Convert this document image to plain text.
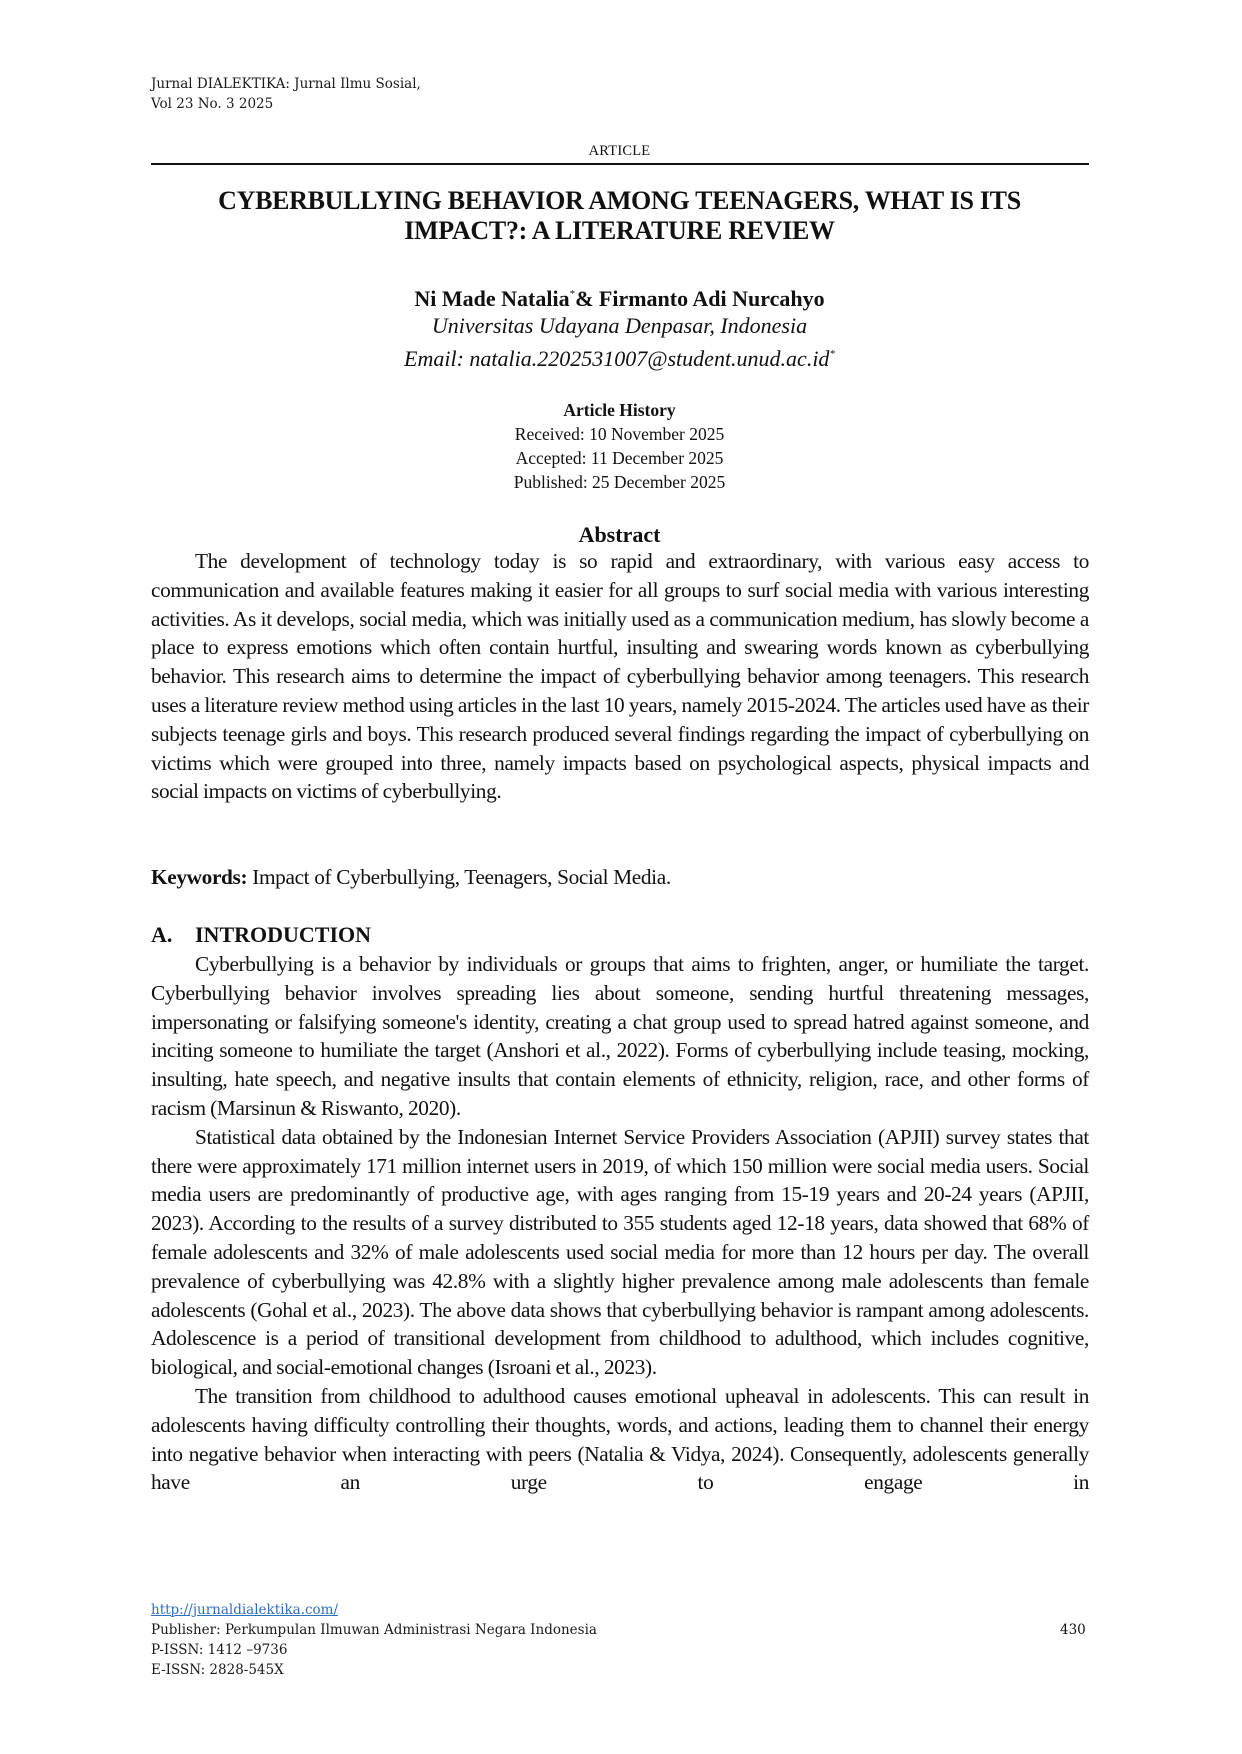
Jurnal DIALEKTIKA: Jurnal Ilmu Sosial,
Vol 23 No. 3 2025
ARTICLE
CYBERBULLYING BEHAVIOR AMONG TEENAGERS, WHAT IS ITS
IMPACT?: A LITERATURE REVIEW
Ni Made Natalia*& Firmanto Adi Nurcahyo
Universitas Udayana Denpasar, Indonesia
Email: natalia.2202531007@student.unud.ac.id*
Article History
Received: 10 November 2025
Accepted: 11 December 2025
Published: 25 December 2025
Abstract

The development of technology today is so rapid and extraordinary, with various easy access to communication and available features making it easier for all groups to surf social media with various interesting activities. As it develops, social media, which was initially used as a communication medium, has slowly become a place to express emotions which often contain hurtful, insulting and swearing words known as cyberbullying behavior. This research aims to determine the impact of cyberbullying behavior among teenagers. This research uses a literature review method using articles in the last 10 years, namely 2015-2024. The articles used have as their subjects teenage girls and boys. This research produced several findings regarding the impact of cyberbullying on victims which were grouped into three, namely impacts based on psychological aspects, physical impacts and social impacts on victims of cyberbullying.

Keywords: Impact of Cyberbullying, Teenagers, Social Media.
A.	INTRODUCTION

Cyberbullying is a behavior by individuals or groups that aims to frighten, anger, or humiliate the target. Cyberbullying behavior involves spreading lies about someone, sending hurtful threatening messages, impersonating or falsifying someone's identity, creating a chat group used to spread hatred against someone, and inciting someone to humiliate the target (Anshori et al., 2022). Forms of cyberbullying include teasing, mocking, insulting, hate speech, and negative insults that contain elements of ethnicity, religion, race, and other forms of racism (Marsinun & Riswanto, 2020).

Statistical data obtained by the Indonesian Internet Service Providers Association (APJII) survey states that there were approximately 171 million internet users in 2019, of which 150 million were social media users. Social media users are predominantly of productive age, with ages ranging from 15-19 years and 20-24 years (APJII, 2023). According to the results of a survey distributed to 355 students aged 12-18 years, data showed that 68% of female adolescents and 32% of male adolescents used social media for more than 12 hours per day. The overall prevalence of cyberbullying was 42.8% with a slightly higher prevalence among male adolescents than female adolescents (Gohal et al., 2023). The above data shows that cyberbullying behavior is rampant among adolescents. Adolescence is a period of transitional development from childhood to adulthood, which includes cognitive, biological, and social-emotional changes (Isroani et al., 2023).

The transition from childhood to adulthood causes emotional upheaval in adolescents. This can result in adolescents having difficulty controlling their thoughts, words, and actions, leading them to channel their energy into negative behavior when interacting with peers (Natalia & Vidya, 2024). Consequently, adolescents generally have an urge to engage in

http://jurnaldialektika.com/
Publisher: Perkumpulan Ilmuwan Administrasi Negara Indonesia
P-ISSN: 1412 –9736
E-ISSN: 2828-545X
430
